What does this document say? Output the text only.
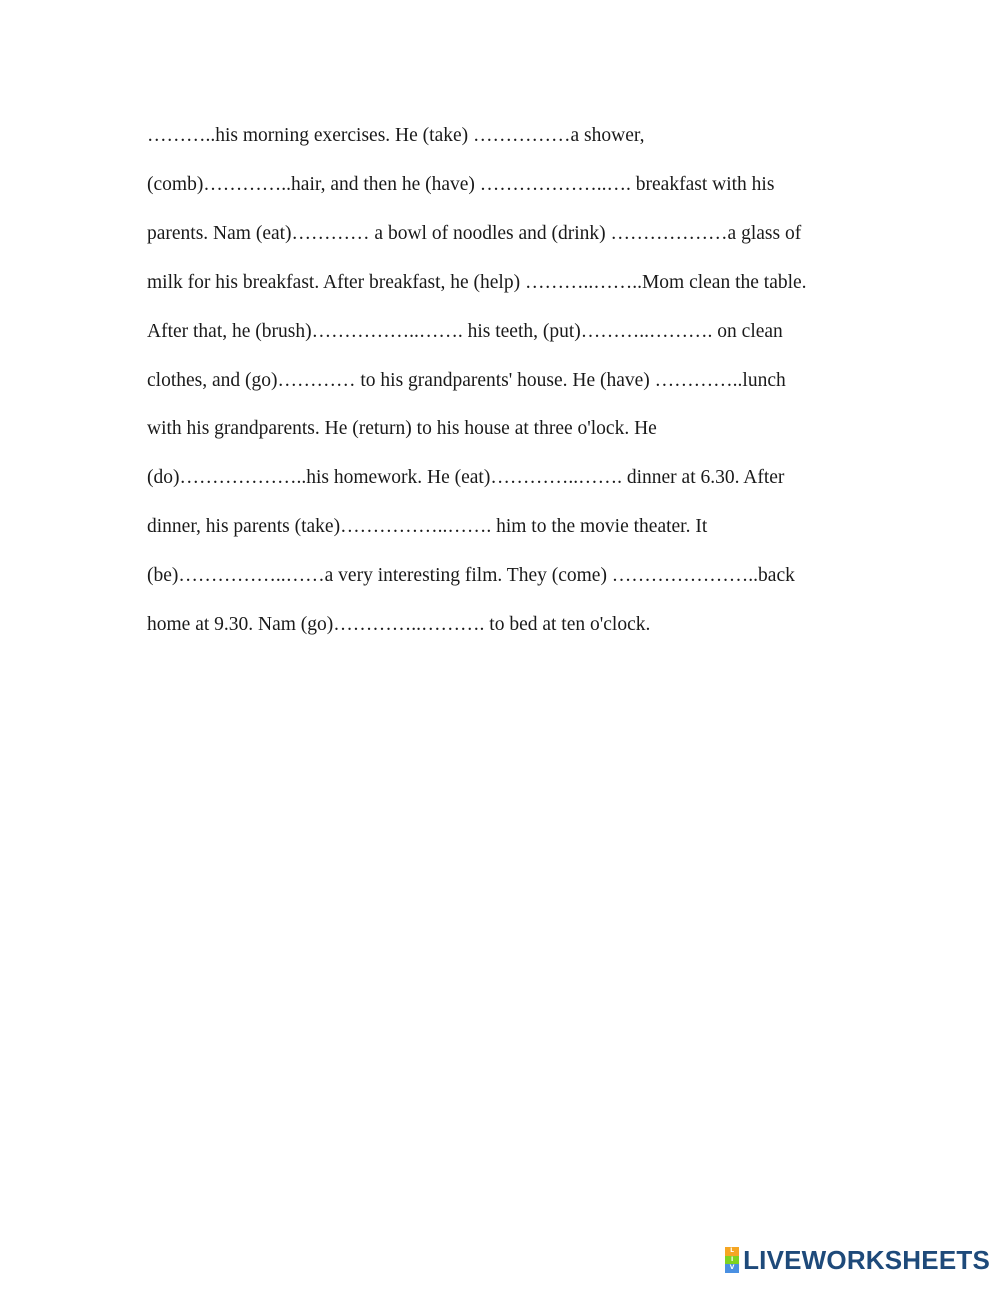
………..his morning exercises. He (take) ……………a shower,
(comb)…………..hair, and then he (have) ………………..…. breakfast with his
parents. Nam (eat)………… a bowl of noodles and (drink) ………………a glass of
milk for his breakfast. After breakfast, he (help) ………..……..Mom clean the table.
After that, he (brush)……………..……. his teeth, (put)………..………. on clean
clothes, and (go)………… to his grandparents' house. He (have) …………..lunch
with his grandparents. He (return) to his house at three o'lock. He
(do)………………..his homework. He (eat)…………..……. dinner at 6.30. After
dinner, his parents (take)……………..……. him to the movie theater. It
(be)……………..……a very interesting film. They (come) …………………..back
home at 9.30. Nam (go)…………..………. to bed at ten o'clock.
L
I
V LIVEWORKSHEETS
